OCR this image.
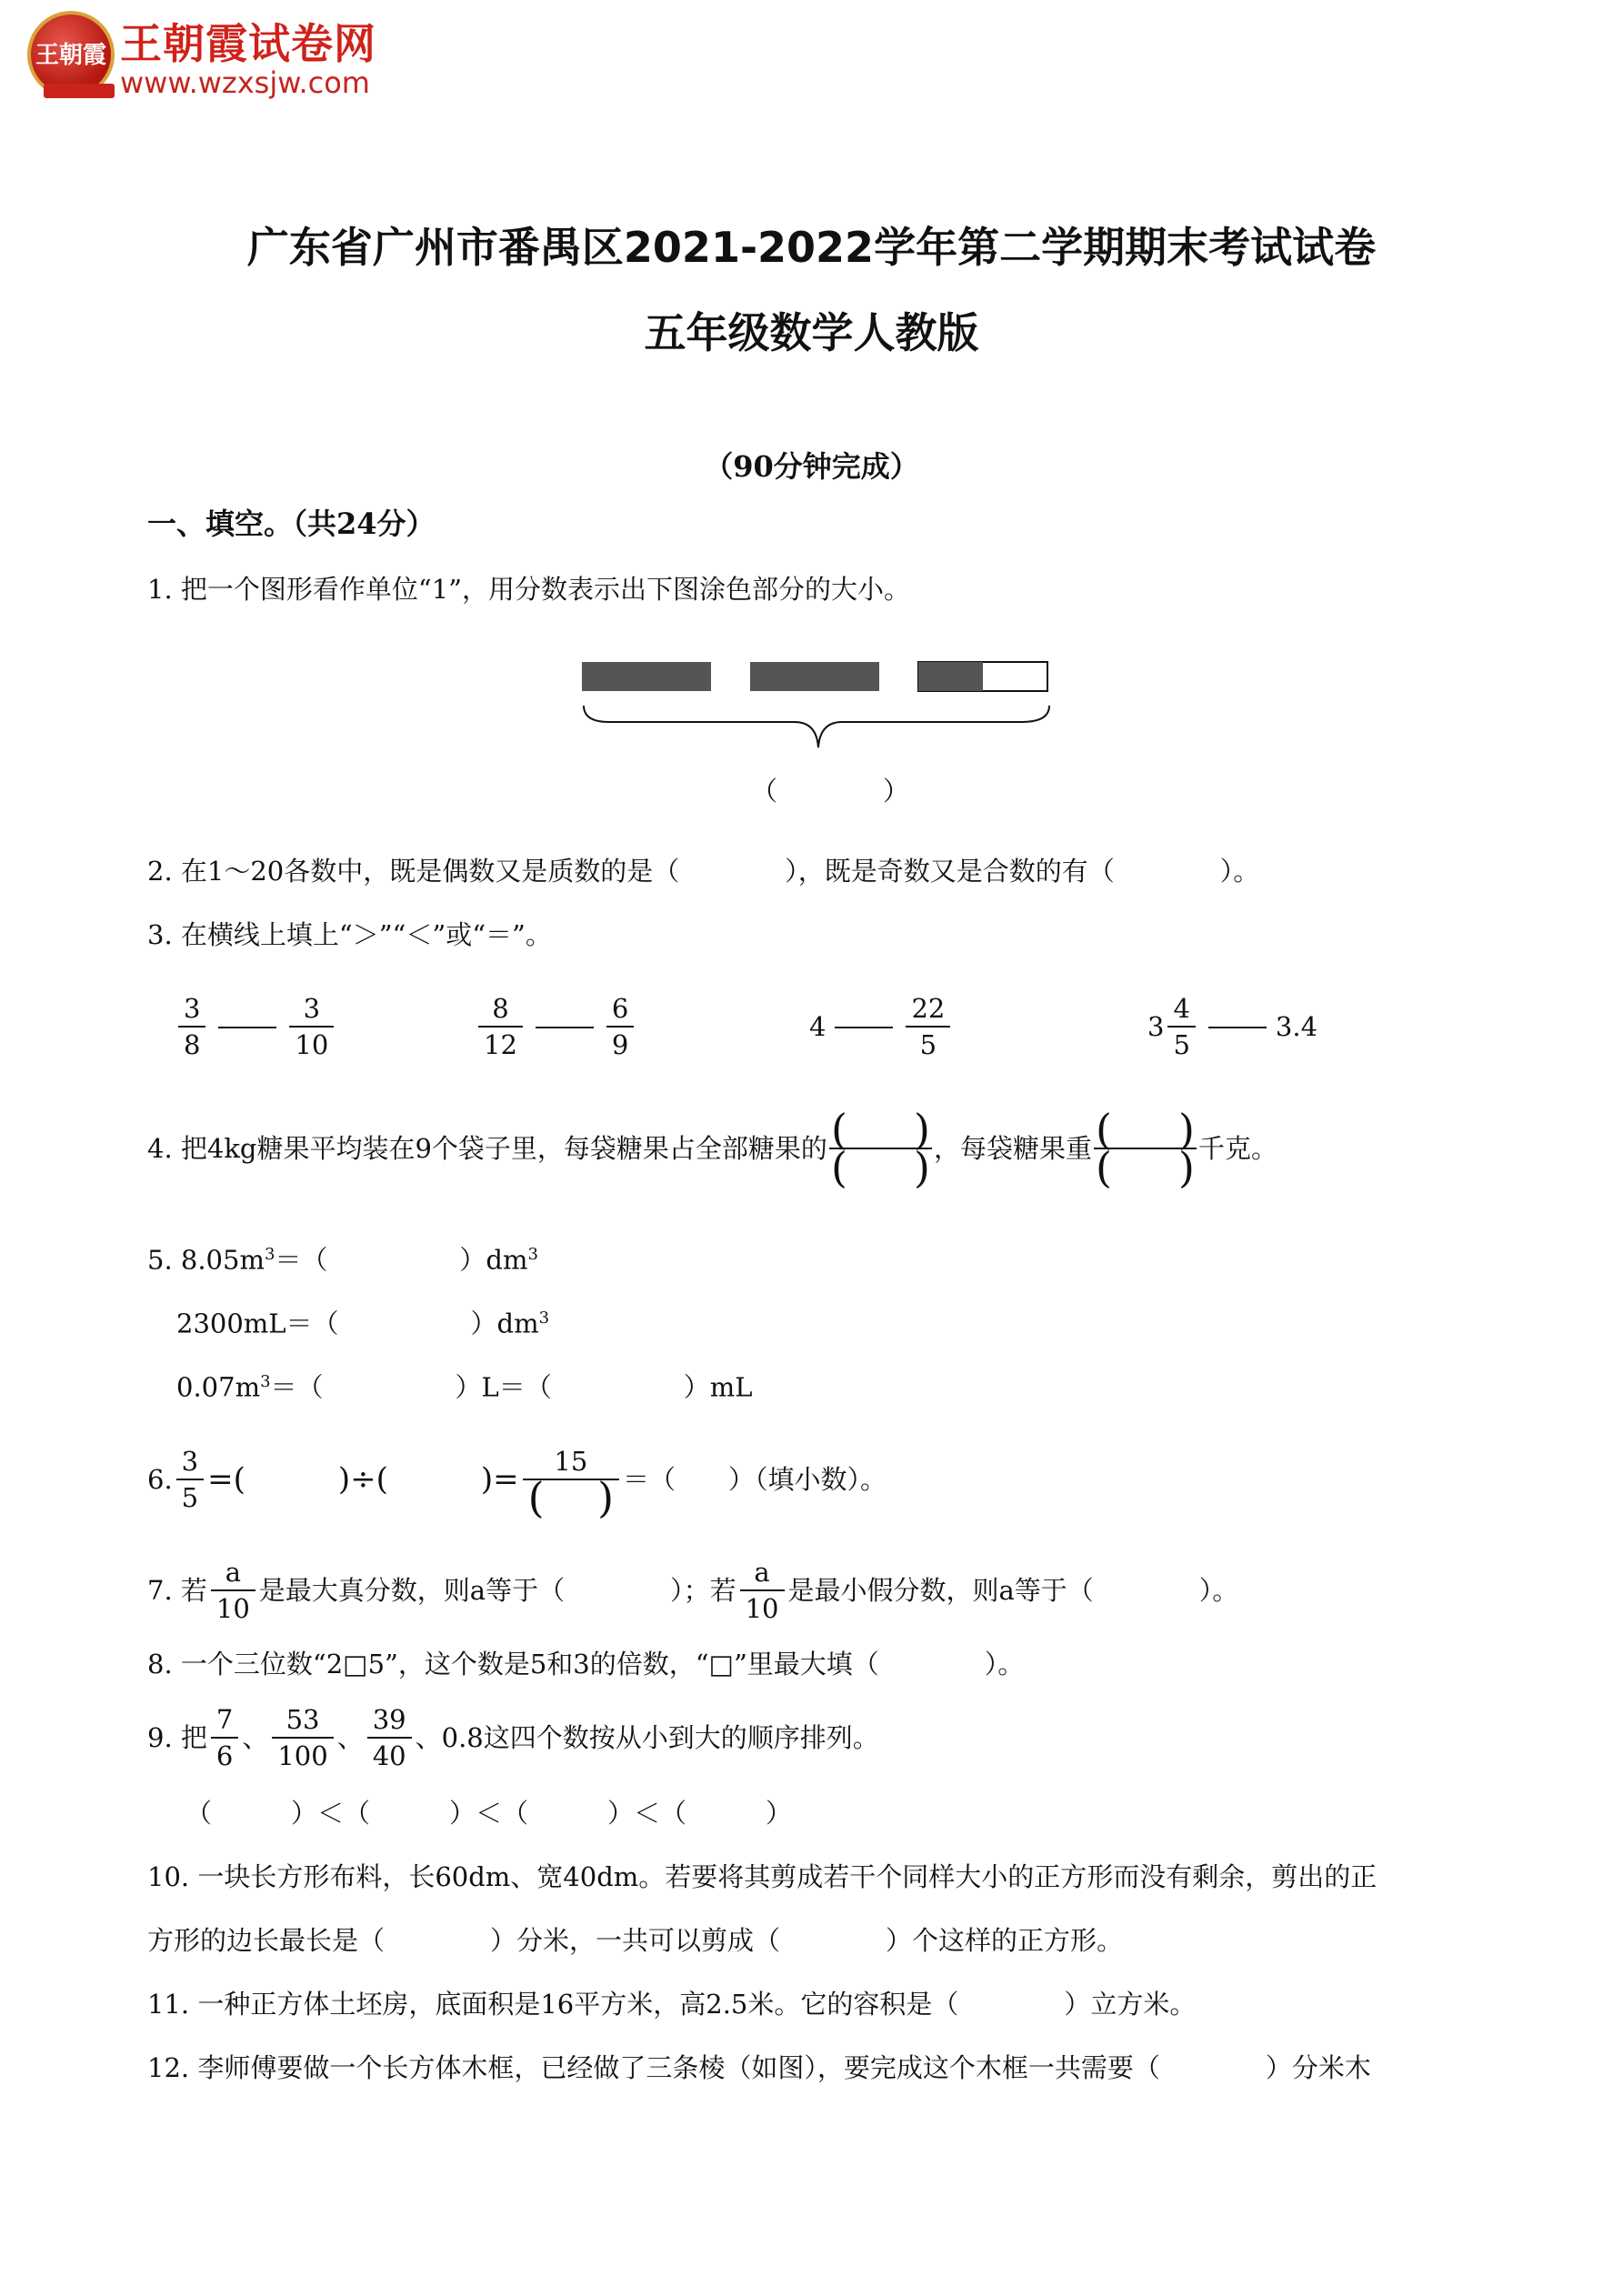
王朝霞 王朝霞试卷网
www.wzxsjw.com
广东省广州市番禺区2021-2022学年第二学期期末考试试卷
五年级数学人教版
（90分钟完成）
一、填空。（共24分）
1. 把一个图形看作单位“1”，用分数表示出下图涂色部分的大小。
（　　　　）
2. 在1～20各数中，既是偶数又是质数的是（　　　　），既是奇数又是合数的有（　　　　）。
3. 在横线上填上“＞”“＜”或“＝”。
$\frac{3}{8}$	$\frac{3}{10}$	$\frac{8}{12}$	$\frac{6}{9}$	4	$\frac{22}{5}$	$3 \frac{4}{5}$	3.4
4. 把4kg糖果平均装在9个袋子里，每袋糖果占全部糖果的 (     )
(     ) ，每袋糖果重 (     )
(     ) 千克。
5. $8.05m^3=$（　　　　　）$dm^3$
2300mL＝（　　　　　）$dm^3$
$0.07m^3=$（　　　　　）L＝（　　　　　）mL
6. $\frac{3}{5}$ =(　　　)÷(　　　)= $\frac{15}{( )}$ ＝（　　）（填小数）。
7. 若 $\frac{a}{10}$ 是最大真分数，则a等于（　　　　）；若 $\frac{a}{10}$ 是最小假分数，则a等于（　　　　）。
8. 一个三位数“2□5”，这个数是5和3的倍数，“□”里最大填（　　　　）。
9. 把 $\frac{7}{6}$ 、 $\frac{53}{100}$ 、 $\frac{39}{40}$ 、0.8这四个数按从小到大的顺序排列。
（　　　）＜（　　　）＜（　　　）＜（　　　）
10. 一块长方形布料，长60dm、宽40dm。若要将其剪成若干个同样大小的正方形而没有剩余，剪出的正
方形的边长最长是（　　　　）分米，一共可以剪成（　　　　）个这样的正方形。
11. 一种正方体土坯房，底面积是16平方米，高2.5米。它的容积是（　　　　）立方米。
12. 李师傅要做一个长方体木框，已经做了三条棱（如图），要完成这个木框一共需要（　　　　）分米木
